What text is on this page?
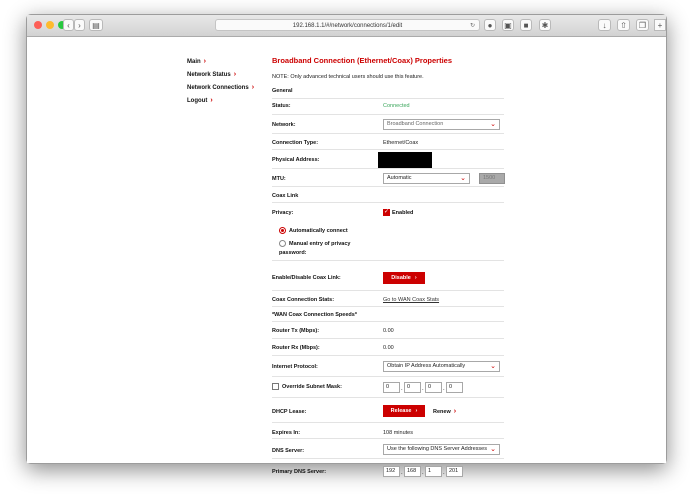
‹	›	▤	192.168.1.1/#/network/connections/1/edit	↻	●	▣	■	✱	↓	⇧	❐	+
Main ›
Network Status ›
Network Connections ›
Logout ›
Broadband Connection (Ethernet/Coax) Properties
NOTE: Only advanced technical users should use this feature.
General
Status:	Connected
Network:	Broadband Connection	⌄
Connection Type:	Ethernet/Coax
Physical Address:
MTU:	Automatic	⌄	1500
Coax Link
Privacy:	✓ Enabled
Automatically connect
Manual entry of privacy
password:
Enable/Disable Coax Link:	Disable ›
Coax Connection Stats:	Go to WAN Coax Stats
*WAN Coax Connection Speeds*
Router Tx (Mbps):	0.00
Router Rx (Mbps):	0.00
Internet Protocol:	Obtain IP Address Automatically	⌄
Override Subnet Mask:	0	. 0	. 0	. 0
DHCP Lease:	Release ›	Renew ›
Expires In:	108 minutes
DNS Server:	Use the following DNS Server Addresses ⌄
Primary DNS Server:	192 . 168 . 1	. 201
